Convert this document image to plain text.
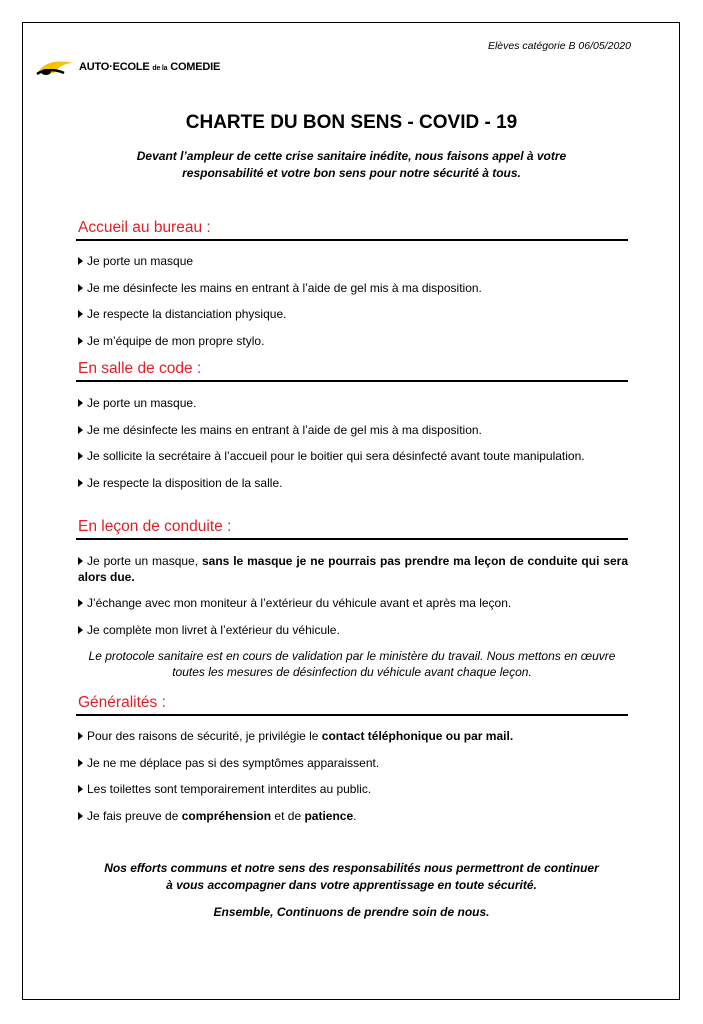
Elèves catégorie B 06/05/2020
AUTO·ECOLE de la COMEDIE
CHARTE DU BON SENS - COVID - 19
Devant l’ampleur de cette crise sanitaire inédite, nous faisons appel à votre
responsabilité et votre bon sens pour notre sécurité à tous.
Accueil au bureau :
Je porte un masque
Je me désinfecte les mains en entrant à l’aide de gel mis à ma disposition.
Je respecte la distanciation physique.
Je m’équipe de mon propre stylo.
En salle de code :
Je porte un masque.
Je me désinfecte les mains en entrant à l’aide de gel mis à ma disposition.
Je sollicite la secrétaire à l’accueil pour le boitier qui sera désinfecté avant toute manipulation.
Je respecte la disposition de la salle.
En leçon de conduite :
Je porte un masque, sans le masque je ne pourrais pas prendre ma leçon de conduite qui sera alors due.
J’échange avec mon moniteur à l’extérieur du véhicule avant et après ma leçon.
Je complète mon livret à l’extérieur du véhicule.
Le protocole sanitaire est en cours de validation par le ministère du travail. Nous mettons en œuvre toutes les mesures de désinfection du véhicule avant chaque leçon.
Généralités :
Pour des raisons de sécurité, je privilégie le contact téléphonique ou par mail.
Je ne me déplace pas si des symptômes apparaissent.
Les toilettes sont temporairement interdites au public.
Je fais preuve de compréhension et de patience.
Nos efforts communs et notre sens des responsabilités nous permettront de continuer
à vous accompagner dans votre apprentissage en toute sécurité.
Ensemble, Continuons de prendre soin de nous.
